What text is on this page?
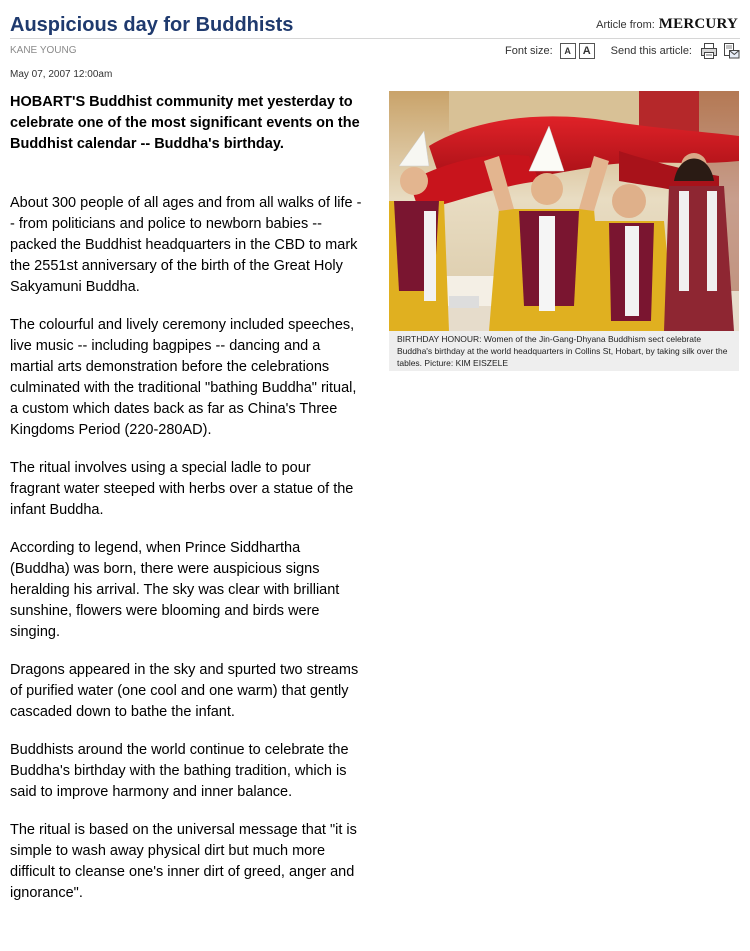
Auspicious day for Buddhists	Article from: MERCURY
KANE YOUNG	Font size: A A Send this article:
May 07, 2007 12:00am

HOBART'S Buddhist community met yesterday to celebrate one of the most significant events on the Buddhist calendar -- Buddha's birthday.

About 300 people of all ages and from all walks of life -- from politicians and police to newborn babies -- packed the Buddhist headquarters in the CBD to mark the 2551st anniversary of the birth of the Great Holy Sakyamuni Buddha.

The colourful and lively ceremony included speeches, live music -- including bagpipes -- dancing and a martial arts demonstration before the celebrations culminated with the traditional "bathing Buddha" ritual, a custom which dates back as far as China's Three Kingdoms Period (220-280AD).

The ritual involves using a special ladle to pour fragrant water steeped with herbs over a statue of the infant Buddha.

According to legend, when Prince Siddhartha (Buddha) was born, there were auspicious signs heralding his arrival. The sky was clear with brilliant sunshine, flowers were blooming and birds were singing.

Dragons appeared in the sky and spurted two streams of purified water (one cool and one warm) that gently cascaded down to bathe the infant.

Buddhists around the world continue to celebrate the Buddha's birthday with the bathing tradition, which is said to improve harmony and inner balance.

The ritual is based on the universal message that "it is simple to wash away physical dirt but much more difficult to cleanse one's inner dirt of greed, anger and ignorance".

BIRTHDAY HONOUR: Women of the Jin-Gang-Dhyana Buddhism sect celebrate Buddha's birthday at the world headquarters in Collins St, Hobart, by taking silk over the tables. Picture: KIM EISZELE
